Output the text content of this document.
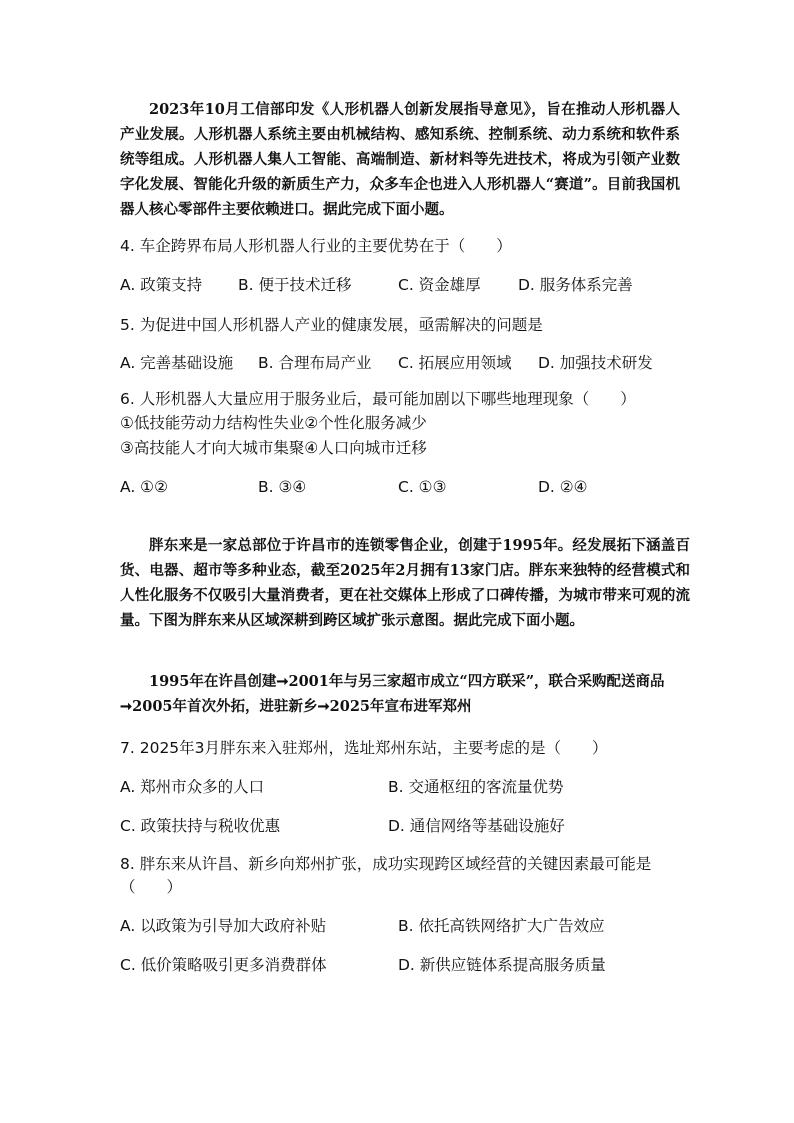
2023年10月工信部印发《人形机器人创新发展指导意见》，旨在推动人形机器人产业发展。人形机器人系统主要由机械结构、感知系统、控制系统、动力系统和软件系统等组成。人形机器人集人工智能、高端制造、新材料等先进技术，将成为引领产业数字化发展、智能化升级的新质生产力，众多车企也进入人形机器人“赛道”。目前我国机器人核心零部件主要依赖进口。据此完成下面小题。

4. 车企跨界布局人形机器人行业的主要优势在于（　　）
A. 政策支持 B. 便于技术迁移	C. 资金雄厚 D. 服务体系完善
5. 为促进中国人形机器人产业的健康发展，亟需解决的问题是
A. 完善基础设施 B. 合理布局产业 C. 拓展应用领域 D. 加强技术研发
6. 人形机器人大量应用于服务业后，最可能加剧以下哪些地理现象（　　）
①低技能劳动力结构性失业②个性化服务减少
③高技能人才向大城市集聚④人口向城市迁移
A. ①②	B. ③④	C. ①③	D. ②④

胖东来是一家总部位于许昌市的连锁零售企业，创建于1995年。经发展拓下涵盖百货、电器、超市等多种业态，截至2025年2月拥有13家门店。胖东来独特的经营模式和人性化服务不仅吸引大量消费者，更在社交媒体上形成了口碑传播，为城市带来可观的流量。下图为胖东来从区域深耕到跨区域扩张示意图。据此完成下面小题。

1995年在许昌创建➞2001年与另三家超市成立“四方联采”，联合采购配送商品➞2005年首次外拓，进驻新乡➞2025年宣布进军郑州

7. 2025年3月胖东来入驻郑州，选址郑州东站，主要考虑的是（　　）
A. 郑州市众多的人口	B. 交通枢纽的客流量优势
C. 政策扶持与税收优惠	D. 通信网络等基础设施好
8. 胖东来从许昌、新乡向郑州扩张，成功实现跨区域经营的关键因素最可能是
（　　）
A. 以政策为引导加大政府补贴	B. 依托高铁网络扩大广告效应
C. 低价策略吸引更多消费群体	D. 新供应链体系提高服务质量
